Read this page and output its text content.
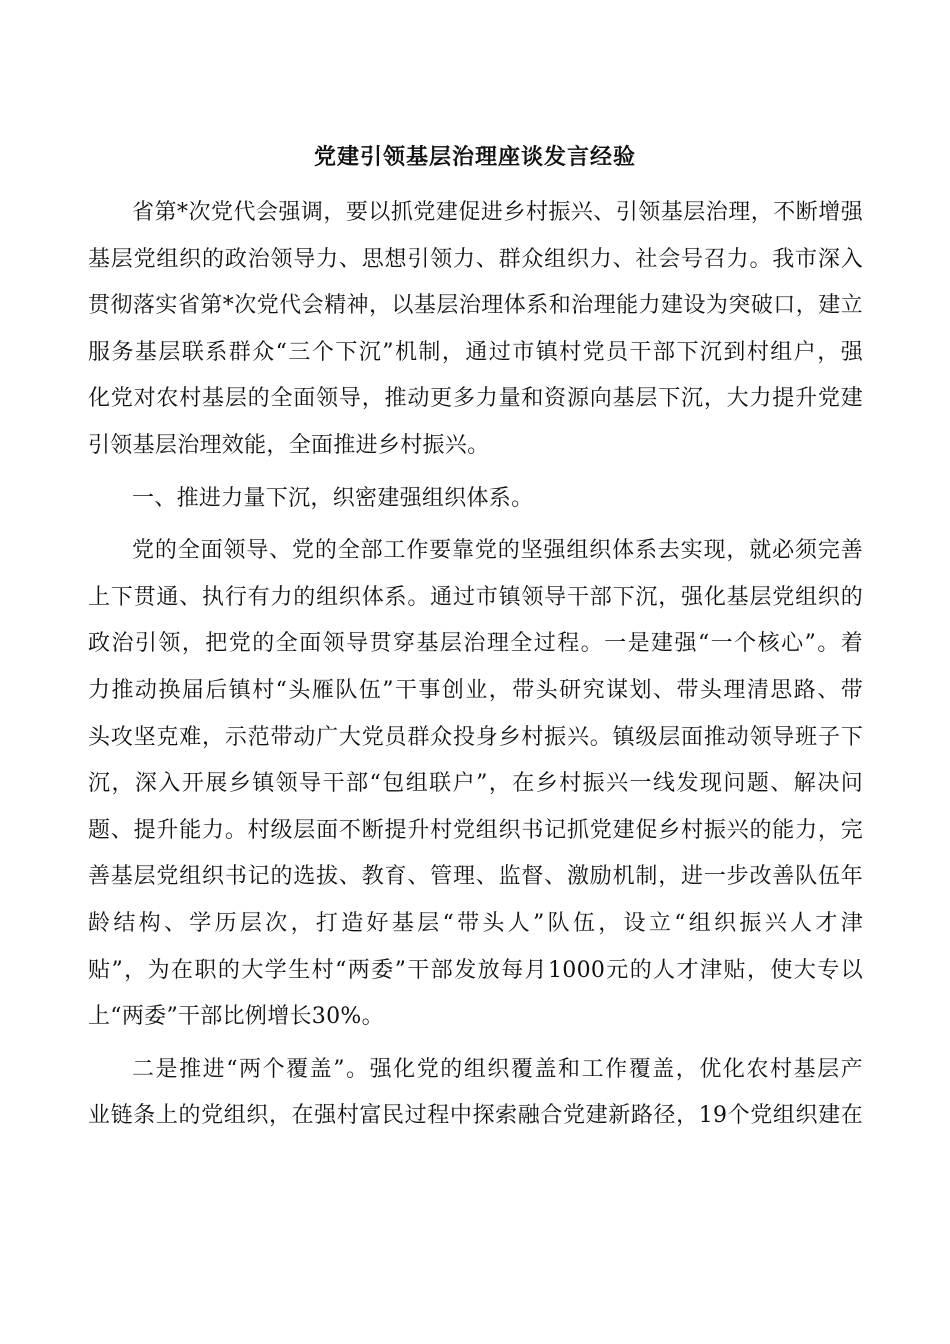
党建引领基层治理座谈发言经验
省第*次党代会强调，要以抓党建促进乡村振兴、引领基层治理，不断增强
基层党组织的政治领导力、思想引领力、群众组织力、社会号召力。我市深入
贯彻落实省第*次党代会精神，以基层治理体系和治理能力建设为突破口，建立
服务基层联系群众“三个下沉”机制，通过市镇村党员干部下沉到村组户，强
化党对农村基层的全面领导，推动更多力量和资源向基层下沉，大力提升党建
引领基层治理效能，全面推进乡村振兴。
一、推进力量下沉，织密建强组织体系。
党的全面领导、党的全部工作要靠党的坚强组织体系去实现，就必须完善
上下贯通、执行有力的组织体系。通过市镇领导干部下沉，强化基层党组织的
政治引领，把党的全面领导贯穿基层治理全过程。一是建强“一个核心”。着
力推动换届后镇村“头雁队伍”干事创业，带头研究谋划、带头理清思路、带
头攻坚克难，示范带动广大党员群众投身乡村振兴。镇级层面推动领导班子下
沉，深入开展乡镇领导干部“包组联户”，在乡村振兴一线发现问题、解决问
题、提升能力。村级层面不断提升村党组织书记抓党建促乡村振兴的能力，完
善基层党组织书记的选拔、教育、管理、监督、激励机制，进一步改善队伍年
龄结构、学历层次，打造好基层“带头人”队伍，设立“组织振兴人才津
贴”，为在职的大学生村“两委”干部发放每月1000元的人才津贴，使大专以
上“两委”干部比例增长30%。
二是推进“两个覆盖”。强化党的组织覆盖和工作覆盖，优化农村基层产
业链条上的党组织，在强村富民过程中探索融合党建新路径，19个党组织建在
